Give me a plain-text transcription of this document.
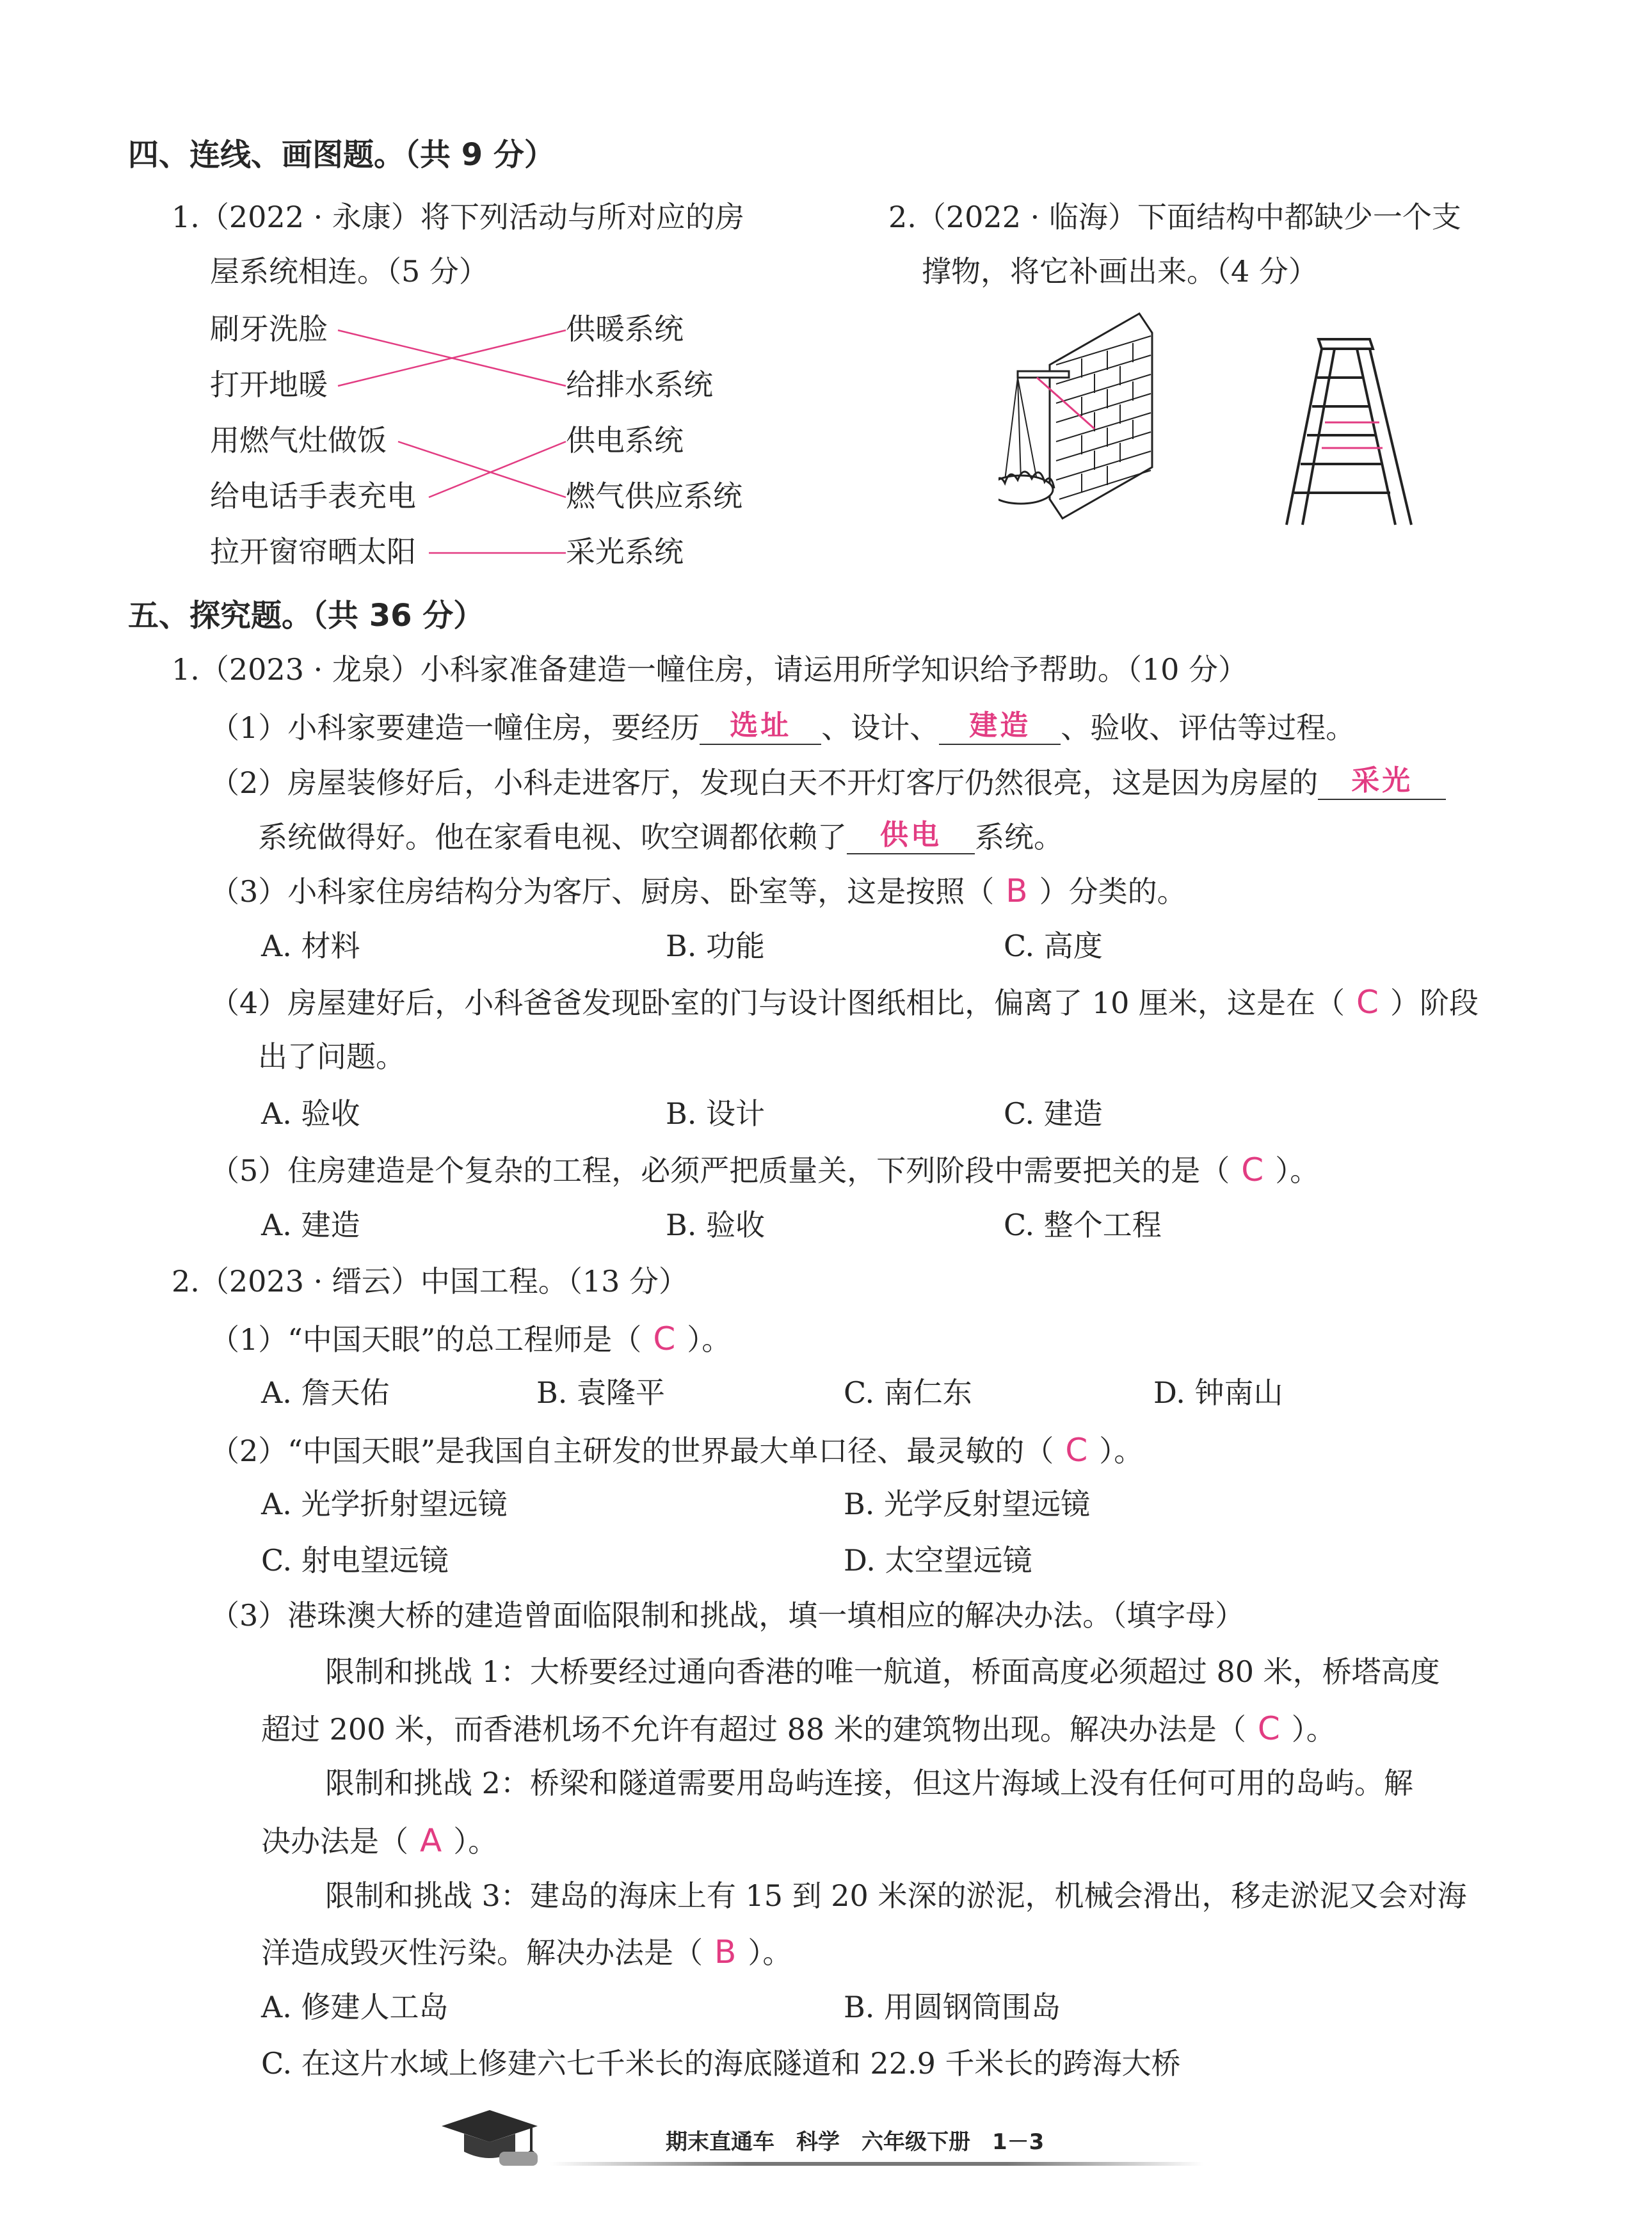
四、连线、画图题。（共 9 分）
1.（2022 · 永康）将下列活动与所对应的房
屋系统相连。（5 分）
刷牙洗脸
打开地暖
用燃气灶做饭
给电话手表充电
拉开窗帘晒太阳
供暖系统
给排水系统
供电系统
燃气供应系统
采光系统
2.（2022 · 临海）下面结构中都缺少一个支
撑物，将它补画出来。（4 分）
五、探究题。（共 36 分）
1.（2023 · 龙泉）小科家准备建造一幢住房，请运用所学知识给予帮助。（10 分）
（1）小科家要建造一幢住房，要经历 选址 、设计、 建造 、验收、评估等过程。
（2）房屋装修好后，小科走进客厅，发现白天不开灯客厅仍然很亮，这是因为房屋的 采光
系统做得好。他在家看电视、吹空调都依赖了 供电 系统。
（3）小科家住房结构分为客厅、厨房、卧室等，这是按照（ B ）分类的。
A. 材料	B. 功能	C. 高度
（4）房屋建好后，小科爸爸发现卧室的门与设计图纸相比，偏离了 10 厘米，这是在（ C ）阶段
出了问题。
A. 验收	B. 设计	C. 建造
（5）住房建造是个复杂的工程，必须严把质量关，下列阶段中需要把关的是（ C ）。
A. 建造	B. 验收	C. 整个工程
2.（2023 · 缙云）中国工程。（13 分）
（1）“中国天眼”的总工程师是（ C ）。
A. 詹天佑	B. 袁隆平	C. 南仁东	D. 钟南山
（2）“中国天眼”是我国自主研发的世界最大单口径、最灵敏的（ C ）。
A. 光学折射望远镜	B. 光学反射望远镜
C. 射电望远镜	D. 太空望远镜
（3）港珠澳大桥的建造曾面临限制和挑战，填一填相应的解决办法。（填字母）
限制和挑战 1：大桥要经过通向香港的唯一航道，桥面高度必须超过 80 米，桥塔高度
超过 200 米，而香港机场不允许有超过 88 米的建筑物出现。解决办法是（ C ）。
限制和挑战 2：桥梁和隧道需要用岛屿连接，但这片海域上没有任何可用的岛屿。解
决办法是（ A ）。
限制和挑战 3：建岛的海床上有 15 到 20 米深的淤泥，机械会滑出，移走淤泥又会对海
洋造成毁灭性污染。解决办法是（ B ）。
A. 修建人工岛	B. 用圆钢筒围岛
C. 在这片水域上修建六七千米长的海底隧道和 22.9 千米长的跨海大桥
期末直通车　科学　六年级下册　1－3
